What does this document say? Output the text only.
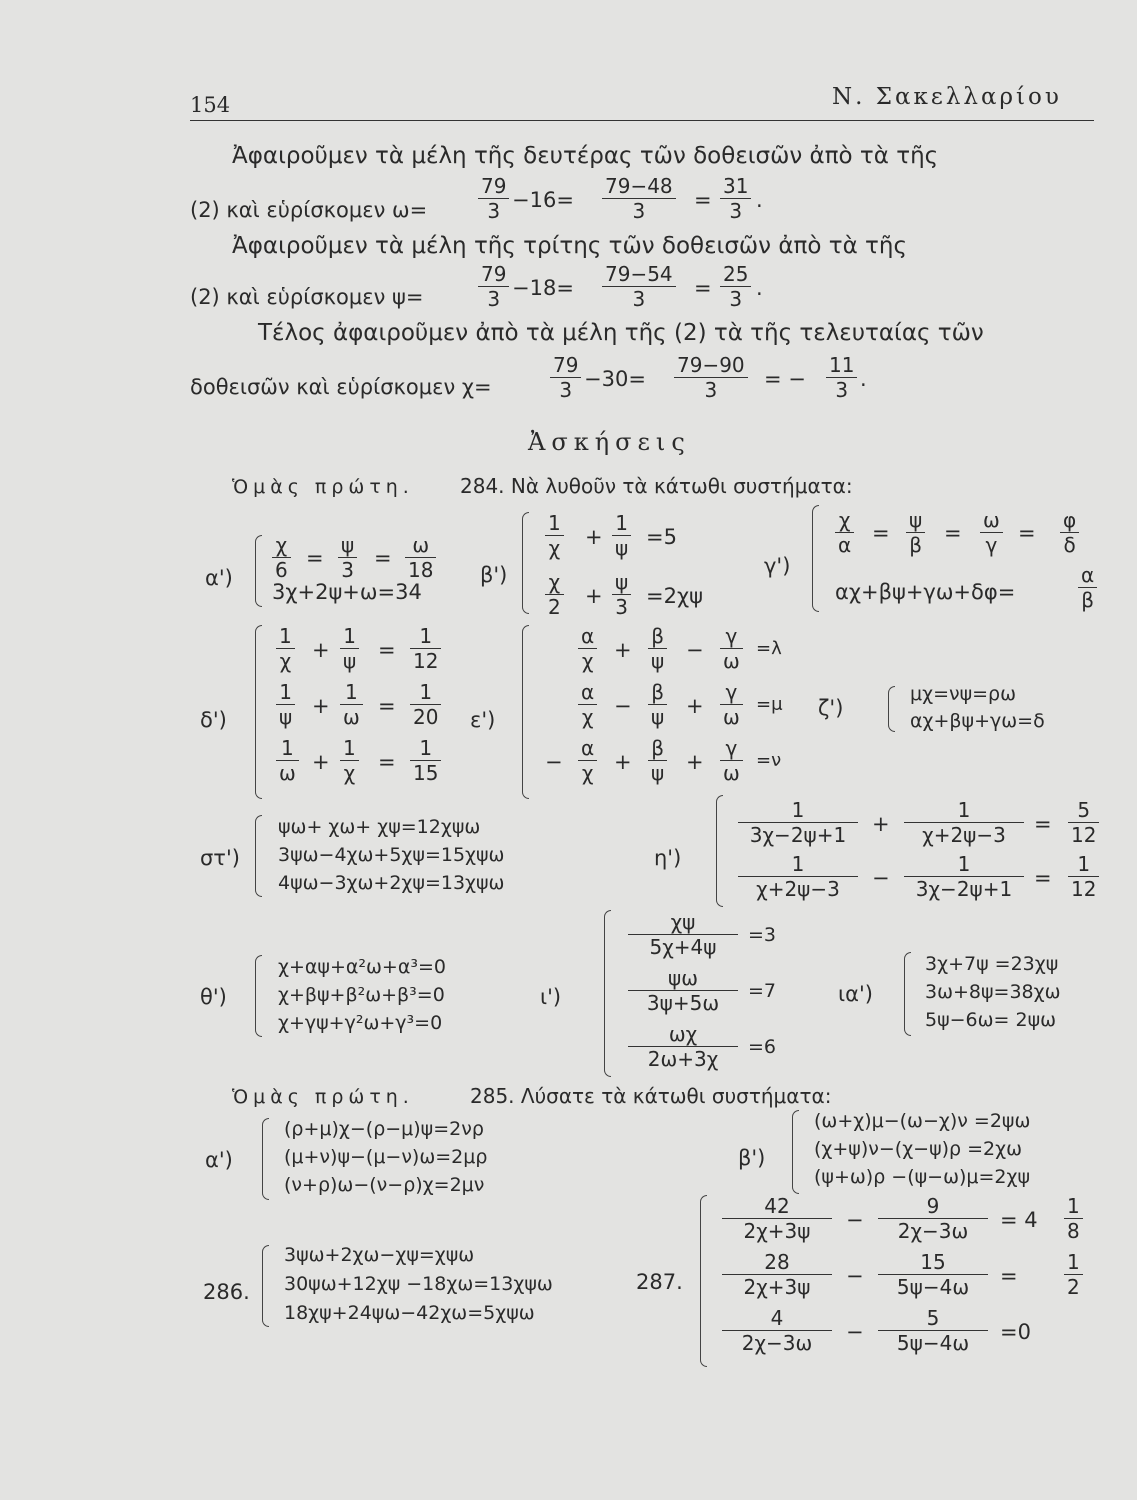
154	Ν. Σακελλαρίου
Ἀφαιροῦμεν τὰ μέλη τῆς δευτέρας τῶν δοθεισῶν ἀπὸ τὰ τῆς
(2) καὶ εὑρίσκομεν ω=
79
3 −16=
79−48
3	=
31
3 .
Ἀφαιροῦμεν τὰ μέλη τῆς τρίτης τῶν δοθεισῶν ἀπὸ τὰ τῆς
(2) καὶ εὑρίσκομεν ψ=
79
3 −18=
79−54
3	=
25
3 .
Τέλος ἀφαιροῦμεν ἀπὸ τὰ μέλη τῆς (2) τὰ τῆς τελευταίας τῶν
δοθεισῶν καὶ εὑρίσκομεν χ=
79
3 −30=
79−90
3	= −
11
3 .
Ἀσκήσεις
Ὁμὰς πρώτη. 284. Νὰ λυθοῦν τὰ κάτωθι συστήματα:
α')
χ
6 =
ψ
3 =
ω
18
3χ+2ψ+ω=34
β')
1
χ +
1
ψ =5
χ
2 +
ψ
3 =2χψ
γ')
χ
α =
ψ
β =
ω
γ =
φ
δ
αχ+βψ+γω+δφ=
α
β
δ')
$\frac{1}{\chi} + \frac{1}{\psi} = \frac{1}{12}$
$\frac{1}{\psi} + \frac{1}{\omega} = \frac{1}{20}$
$\frac{1}{\omega} + \frac{1}{\chi} = \frac{1}{15}$
ε')
$\frac{\alpha}{\chi} + \frac{\beta}{\psi} - \frac{\gamma}{\omega} =\lambda$
$\frac{\alpha}{\chi} - \frac{\beta}{\psi} + \frac{\gamma}{\omega} =\mu$
− $\frac{\alpha}{\chi} + \frac{\beta}{\psi} + \frac{\gamma}{\omega} =\nu$
ζ')
μχ=νψ=ρω
αχ+βψ+γω=δ
στ')
ψω+ χω+ χψ=12χψω
3ψω−4χω+5χψ=15χψω
4ψω−3χω+2χψ=13χψω
η')
$\frac{1}{3\chi-2\psi+1} + \frac{1}{\chi+2\psi-3} = \frac{5}{12}$
$\frac{1}{\chi+2\psi-3} - \frac{1}{3\chi-2\psi+1} = \frac{1}{12}$
θ')
χ+αψ+α²ω+α³=0
χ+βψ+β²ω+β³=0
χ+γψ+γ²ω+γ³=0
ι')
$\frac{\chi\psi}{5\chi+4\psi} =3$
$\frac{\psi\omega}{3\psi+5\omega} =7$
$\frac{\omega\chi}{2\omega+3\chi} =6$
ια')
3χ+7ψ =23χψ
3ω+8ψ=38χω
5ψ−6ω= 2ψω
Ὁμὰς πρώτη.	285. Λύσατε τὰ κάτωθι συστήματα:
α')
(ρ+μ)χ−(ρ−μ)ψ=2νρ
(μ+ν)ψ−(μ−ν)ω=2μρ
(ν+ρ)ω−(ν−ρ)χ=2μν
β')
(ω+χ)μ−(ω−χ)ν =2ψω
(χ+ψ)ν−(χ−ψ)ρ =2χω
(ψ+ω)ρ −(ψ−ω)μ=2χψ
286.
3ψω+2χω−χψ=χψω
30ψω+12χψ −18χω=13χψω
18χψ+24ψω−42χω=5χψω
287.
$\frac{42}{2\chi+3\psi} - \frac{9}{2\chi-3\omega} = 4 \frac{1}{8}$
$\frac{28}{2\chi+3\psi} - \frac{15}{5\psi-4\omega} = \frac{1}{2}$
$\frac{4}{2\chi-3\omega} - \frac{5}{5\psi-4\omega} =0$
